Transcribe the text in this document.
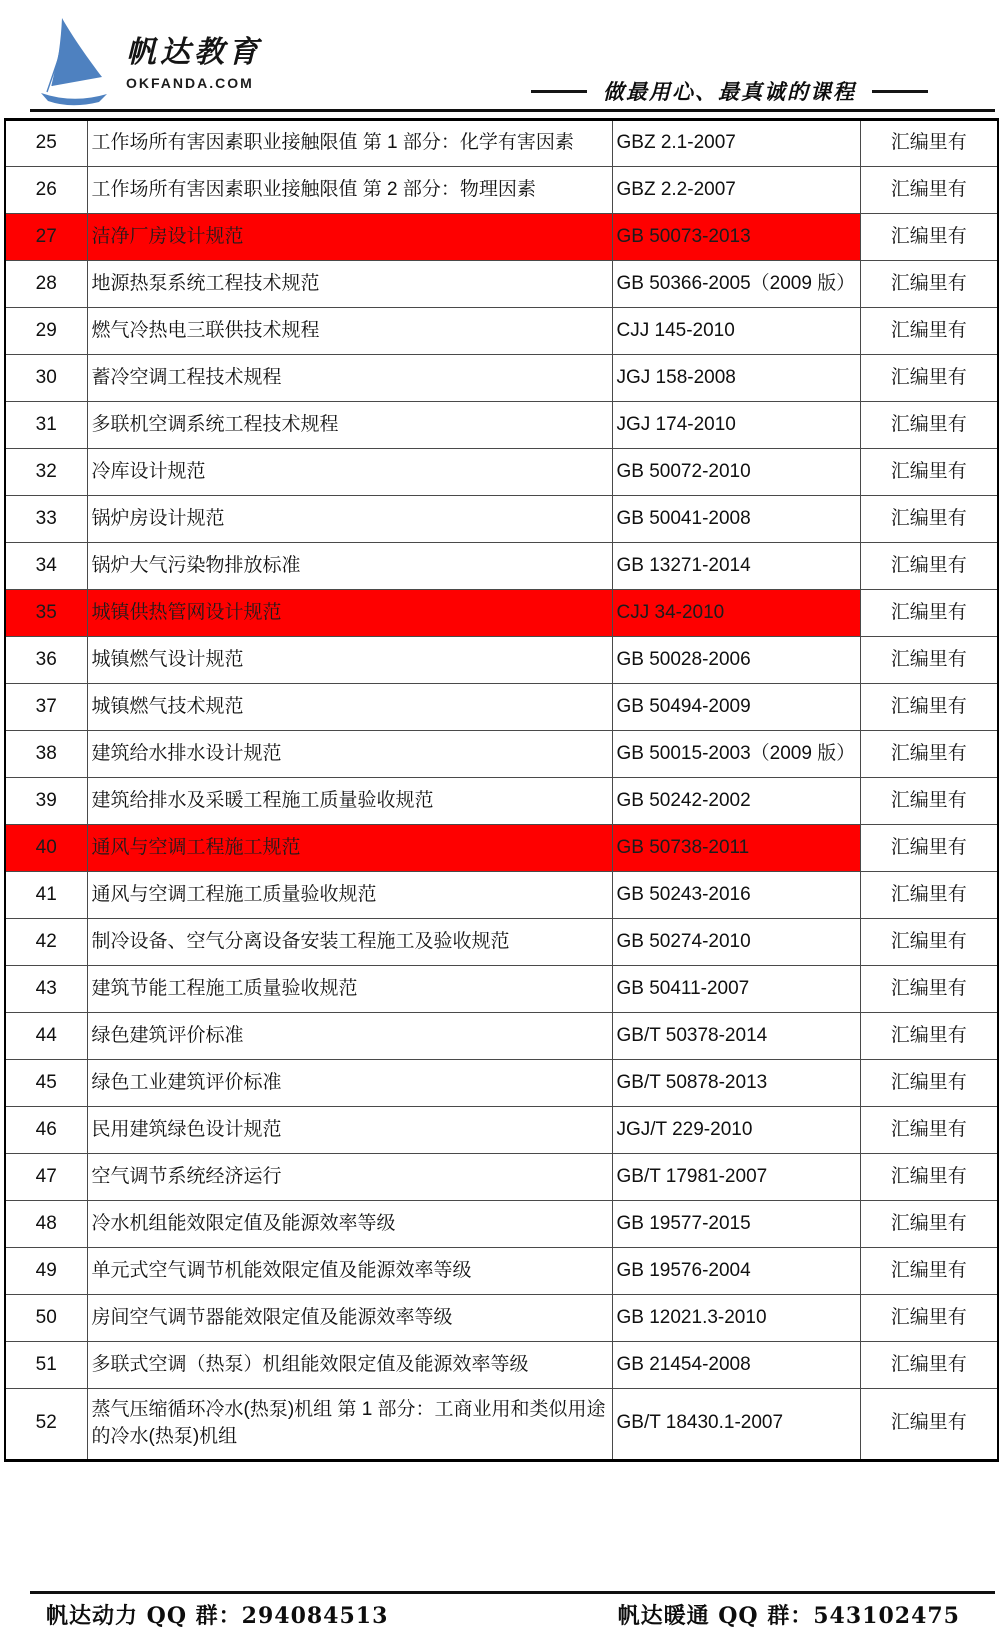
帆达教育
OKFANDA.COM	做最用心、最真诚的课程
25	工作场所有害因素职业接触限值 第 1 部分：化学有害因素	GBZ 2.1-2007	汇编里有
26	工作场所有害因素职业接触限值 第 2 部分：物理因素	GBZ 2.2-2007	汇编里有
27	洁净厂房设计规范	GB 50073-2013	汇编里有
28	地源热泵系统工程技术规范	GB 50366-2005（2009 版）	汇编里有
29	燃气冷热电三联供技术规程	CJJ 145-2010	汇编里有
30	蓄冷空调工程技术规程	JGJ 158-2008	汇编里有
31	多联机空调系统工程技术规程	JGJ 174-2010	汇编里有
32	冷库设计规范	GB 50072-2010	汇编里有
33	锅炉房设计规范	GB 50041-2008	汇编里有
34	锅炉大气污染物排放标准	GB 13271-2014	汇编里有
35	城镇供热管网设计规范	CJJ 34-2010	汇编里有
36	城镇燃气设计规范	GB 50028-2006	汇编里有
37	城镇燃气技术规范	GB 50494-2009	汇编里有
38	建筑给水排水设计规范	GB 50015-2003（2009 版）	汇编里有
39	建筑给排水及采暖工程施工质量验收规范	GB 50242-2002	汇编里有
40	通风与空调工程施工规范	GB 50738-2011	汇编里有
41	通风与空调工程施工质量验收规范	GB 50243-2016	汇编里有
42	制冷设备、空气分离设备安装工程施工及验收规范	GB 50274-2010	汇编里有
43	建筑节能工程施工质量验收规范	GB 50411-2007	汇编里有
44	绿色建筑评价标准	GB/T 50378-2014	汇编里有
45	绿色工业建筑评价标准	GB/T 50878-2013	汇编里有
46	民用建筑绿色设计规范	JGJ/T 229-2010	汇编里有
47	空气调节系统经济运行	GB/T 17981-2007	汇编里有
48	冷水机组能效限定值及能源效率等级	GB 19577-2015	汇编里有
49	单元式空气调节机能效限定值及能源效率等级	GB 19576-2004	汇编里有
50	房间空气调节器能效限定值及能源效率等级	GB 12021.3-2010	汇编里有
51	多联式空调（热泵）机组能效限定值及能源效率等级	GB 21454-2008	汇编里有
52	蒸气压缩循环冷水(热泵)机组 第 1 部分：工商业用和类似用途的冷水(热泵)机组	GB/T 18430.1-2007	汇编里有
帆达动力 QQ 群：294084513	帆达暖通 QQ 群：543102475
